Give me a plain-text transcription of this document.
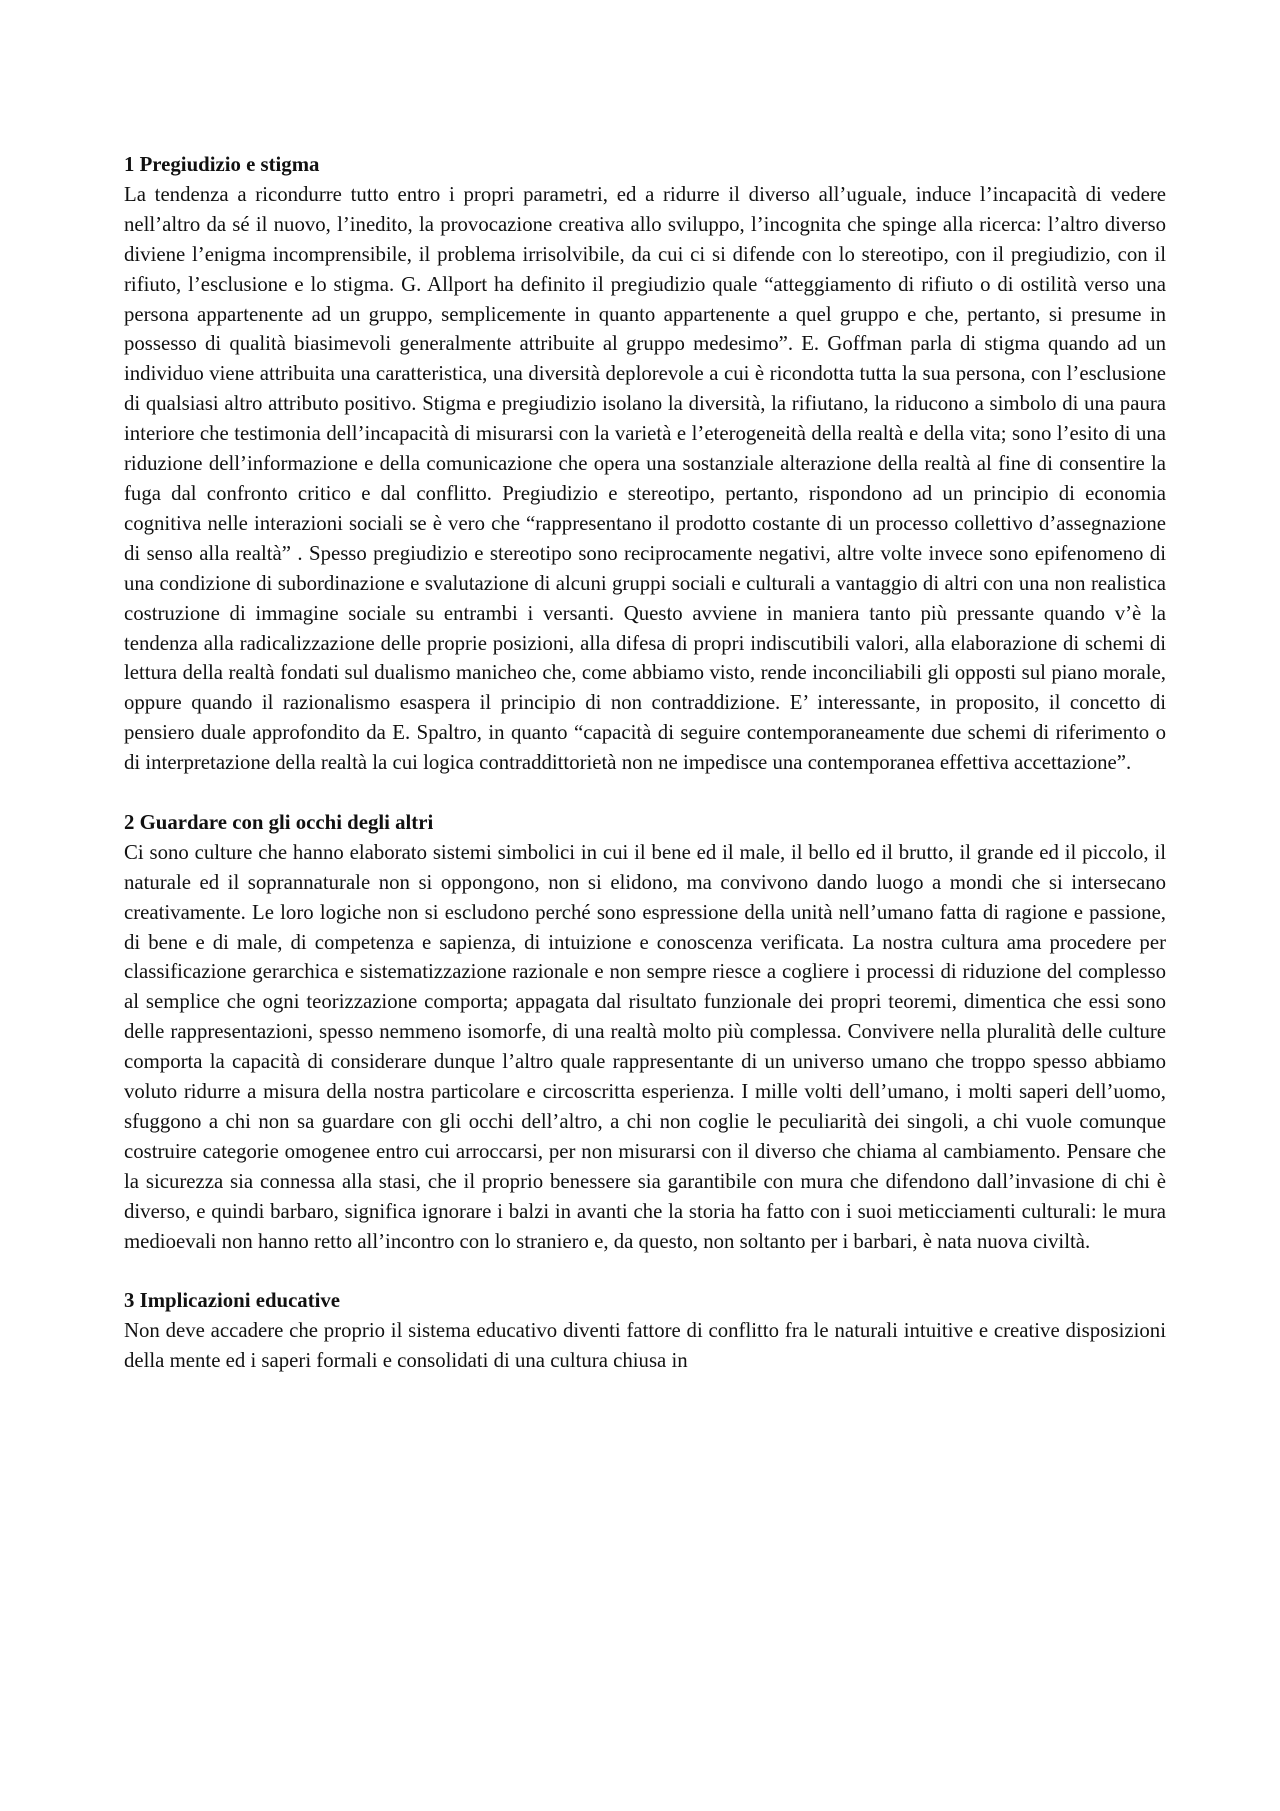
1 Pregiudizio e stigma

La tendenza a ricondurre tutto entro i propri parametri, ed a ridurre il diverso all’uguale, induce l’incapacità di vedere nell’altro da sé il nuovo, l’inedito, la provocazione creativa allo sviluppo, l’incognita che spinge alla ricerca: l’altro diverso diviene l’enigma incomprensibile, il problema irrisolvibile, da cui ci si difende con lo stereotipo, con il pregiudizio, con il rifiuto, l’esclusione e lo stigma. G. Allport ha definito il pregiudizio quale “atteggiamento di rifiuto o di ostilità verso una persona appartenente ad un gruppo, semplicemente in quanto appartenente a quel gruppo e che, pertanto, si presume in possesso di qualità biasimevoli generalmente attribuite al gruppo medesimo”. E. Goffman parla di stigma quando ad un individuo viene attribuita una caratteristica, una diversità deplorevole a cui è ricondotta tutta la sua persona, con l’esclusione di qualsiasi altro attributo positivo. Stigma e pregiudizio isolano la diversità, la rifiutano, la riducono a simbolo di una paura interiore che testimonia dell’incapacità di misurarsi con la varietà e l’eterogeneità della realtà e della vita; sono l’esito di una riduzione dell’informazione e della comunicazione che opera una sostanziale alterazione della realtà al fine di consentire la fuga dal confronto critico e dal conflitto. Pregiudizio e stereotipo, pertanto, rispondono ad un principio di economia cognitiva nelle interazioni sociali se è vero che “rappresentano il prodotto costante di un processo collettivo d’assegnazione di senso alla realtà” . Spesso pregiudizio e stereotipo sono reciprocamente negativi, altre volte invece sono epifenomeno di una condizione di subordinazione e svalutazione di alcuni gruppi sociali e culturali a vantaggio di altri con una non realistica costruzione di immagine sociale su entrambi i versanti. Questo avviene in maniera tanto più pressante quando v’è la tendenza alla radicalizzazione delle proprie posizioni, alla difesa di propri indiscutibili valori, alla elaborazione di schemi di lettura della realtà fondati sul dualismo manicheo che, come abbiamo visto, rende inconciliabili gli opposti sul piano morale, oppure quando il razionalismo esaspera il principio di non contraddizione. E’ interessante, in proposito, il concetto di pensiero duale approfondito da E. Spaltro, in quanto “capacità di seguire contemporaneamente due schemi di riferimento o di interpretazione della realtà la cui logica contraddittorietà non ne impedisce una contemporanea effettiva accettazione”.

2 Guardare con gli occhi degli altri

Ci sono culture che hanno elaborato sistemi simbolici in cui il bene ed il male, il bello ed il brutto, il grande ed il piccolo, il naturale ed il soprannaturale non si oppongono, non si elidono, ma convivono dando luogo a mondi che si intersecano creativamente. Le loro logiche non si escludono perché sono espressione della unità nell’umano fatta di ragione e passione, di bene e di male, di competenza e sapienza, di intuizione e conoscenza verificata. La nostra cultura ama procedere per classificazione gerarchica e sistematizzazione razionale e non sempre riesce a cogliere i processi di riduzione del complesso al semplice che ogni teorizzazione comporta; appagata dal risultato funzionale dei propri teoremi, dimentica che essi sono delle rappresentazioni, spesso nemmeno isomorfe, di una realtà molto più complessa. Convivere nella pluralità delle culture comporta la capacità di considerare dunque l’altro quale rappresentante di un universo umano che troppo spesso abbiamo voluto ridurre a misura della nostra particolare e circoscritta esperienza. I mille volti dell’umano, i molti saperi dell’uomo, sfuggono a chi non sa guardare con gli occhi dell’altro, a chi non coglie le peculiarità dei singoli, a chi vuole comunque costruire categorie omogenee entro cui arroccarsi, per non misurarsi con il diverso che chiama al cambiamento. Pensare che la sicurezza sia connessa alla stasi, che il proprio benessere sia garantibile con mura che difendono dall’invasione di chi è diverso, e quindi barbaro, significa ignorare i balzi in avanti che la storia ha fatto con i suoi meticciamenti culturali: le mura medioevali non hanno retto all’incontro con lo straniero e, da questo, non soltanto per i barbari, è nata nuova civiltà.

3 Implicazioni educative

Non deve accadere che proprio il sistema educativo diventi fattore di conflitto fra le naturali intuitive e creative disposizioni della mente ed i saperi formali e consolidati di una cultura chiusa in
